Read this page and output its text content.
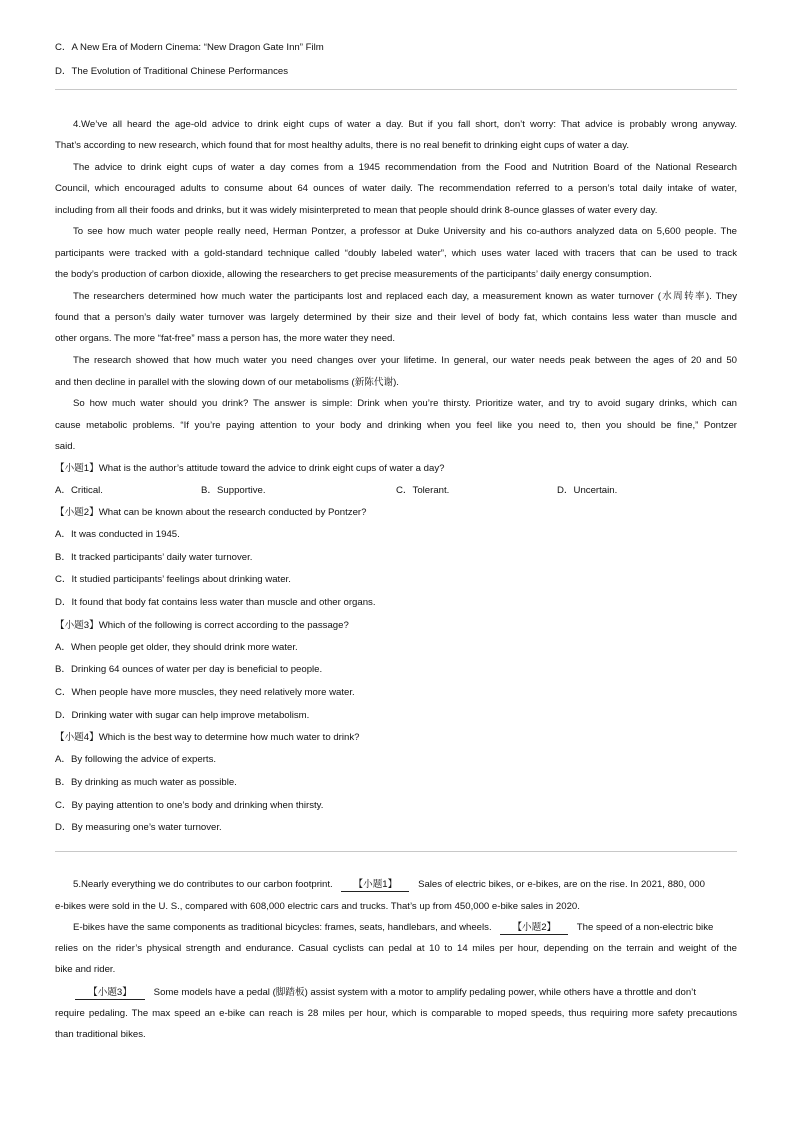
C．A New Era of Modern Cinema: “New Dragon Gate Inn” Film
D．The Evolution of Traditional Chinese Performances
4.We’ve all heard the age-old advice to drink eight cups of water a day. But if you fall short, don’t worry: That advice is probably wrong anyway.
That’s according to new research, which found that for most healthy adults, there is no real benefit to drinking eight cups of water a day.
The advice to drink eight cups of water a day comes from a 1945 recommendation from the Food and Nutrition Board of the National Research
Council, which encouraged adults to consume about 64 ounces of water daily. The recommendation referred to a person’s total daily intake of water,
including from all their foods and drinks, but it was widely misinterpreted to mean that people should drink 8-ounce glasses of water every day.
To see how much water people really need, Herman Pontzer, a professor at Duke University and his co-authors analyzed data on 5,600 people. The
participants were tracked with a gold-standard technique called “doubly labeled water”, which uses water laced with tracers that can be used to track
the body’s production of carbon dioxide, allowing the researchers to get precise measurements of the participants’ daily energy consumption.
The researchers determined how much water the participants lost and replaced each day, a measurement known as water turnover (水周转率). They
found that a person’s daily water turnover was largely determined by their size and their level of body fat, which contains less water than muscle and
other organs. The more “fat-free” mass a person has, the more water they need.
The research showed that how much water you need changes over your lifetime. In general, our water needs peak between the ages of 20 and 50
and then decline in parallel with the slowing down of our metabolisms (新陈代谢).
So how much water should you drink? The answer is simple: Drink when you’re thirsty. Prioritize water, and try to avoid sugary drinks, which can
cause metabolic problems. “If you’re paying attention to your body and drinking when you feel like you need to, then you should be fine,” Pontzer
said.
【小题1】What is the author’s attitude toward the advice to drink eight cups of water a day?
A．Critical.	B．Supportive.	C．Tolerant.	D．Uncertain.
【小题2】What can be known about the research conducted by Pontzer?
A．It was conducted in 1945.
B．It tracked participants’ daily water turnover.
C．It studied participants’ feelings about drinking water.
D．It found that body fat contains less water than muscle and other organs.
【小题3】Which of the following is correct according to the passage?
A．When people get older, they should drink more water.
B．Drinking 64 ounces of water per day is beneficial to people.
C．When people have more muscles, they need relatively more water.
D．Drinking water with sugar can help improve metabolism.
【小题4】Which is the best way to determine how much water to drink?
A．By following the advice of experts.
B．By drinking as much water as possible.
C．By paying attention to one’s body and drinking when thirsty.
D．By measuring one’s water turnover.
5.Nearly everything we do contributes to our carbon footprint. 【小题1】 Sales of electric bikes, or e-bikes, are on the rise. In 2021, 880, 000
e-bikes were sold in the U. S., compared with 608,000 electric cars and trucks. That’s up from 450,000 e-bike sales in 2020.
E-bikes have the same components as traditional bicycles: frames, seats, handlebars, and wheels. 【小题2】 The speed of a non-electric bike
relies on the rider’s physical strength and endurance. Casual cyclists can pedal at 10 to 14 miles per hour, depending on the terrain and weight of the
bike and rider.
【小题3】 Some models have a pedal (脚踏板) assist system with a motor to amplify pedaling power, while others have a throttle and don’t
require pedaling. The max speed an e-bike can reach is 28 miles per hour, which is comparable to moped speeds, thus requiring more safety precautions
than traditional bikes.
